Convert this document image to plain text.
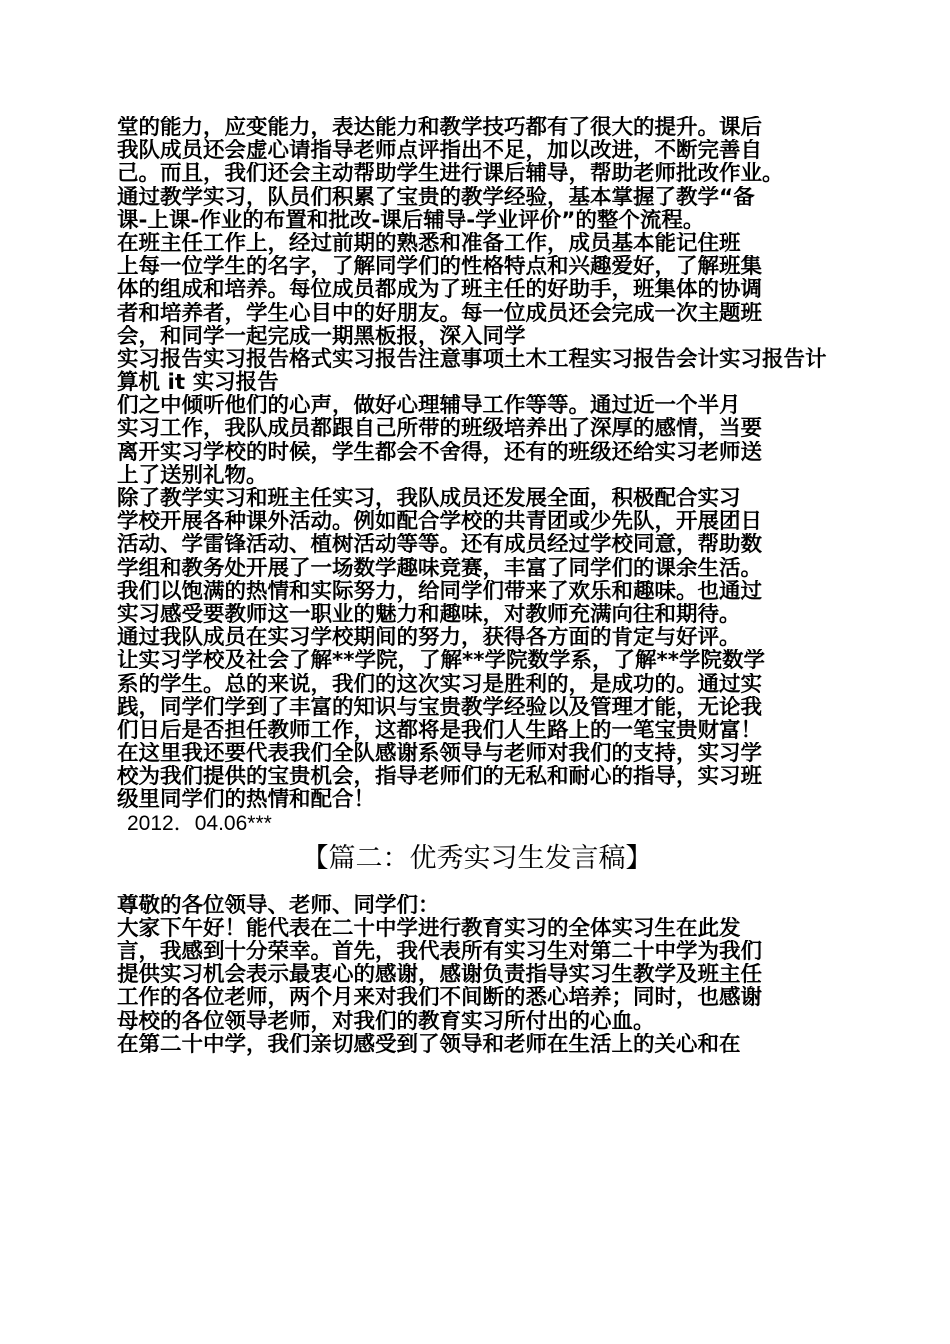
堂的能力，应变能力，表达能力和教学技巧都有了很大的提升。课后
我队成员还会虚心请指导老师点评指出不足，加以改进，不断完善自
己。而且，我们还会主动帮助学生进行课后辅导，帮助老师批改作业。
通过教学实习，队员们积累了宝贵的教学经验，基本掌握了教学“备
课-上课-作业的布置和批改-课后辅导-学业评价”的整个流程。
在班主任工作上，经过前期的熟悉和准备工作，成员基本能记住班
上每一位学生的名字，了解同学们的性格特点和兴趣爱好，了解班集
体的组成和培养。每位成员都成为了班主任的好助手，班集体的协调
者和培养者，学生心目中的好朋友。每一位成员还会完成一次主题班
会，和同学一起完成一期黑板报，深入同学
实习报告实习报告格式实习报告注意事项土木工程实习报告会计实习报告计算机 it 实习报告
们之中倾听他们的心声，做好心理辅导工作等等。通过近一个半月
实习工作，我队成员都跟自己所带的班级培养出了深厚的感情，当要
离开实习学校的时候，学生都会不舍得，还有的班级还给实习老师送
上了送别礼物。
除了教学实习和班主任实习，我队成员还发展全面，积极配合实习
学校开展各种课外活动。例如配合学校的共青团或少先队，开展团日
活动、学雷锋活动、植树活动等等。还有成员经过学校同意，帮助数
学组和教务处开展了一场数学趣味竞赛，丰富了同学们的课余生活。
我们以饱满的热情和实际努力，给同学们带来了欢乐和趣味。也通过
实习感受要教师这一职业的魅力和趣味，对教师充满向往和期待。
通过我队成员在实习学校期间的努力，获得各方面的肯定与好评。
让实习学校及社会了解**学院，了解**学院数学系，了解**学院数学
系的学生。总的来说，我们的这次实习是胜利的，是成功的。通过实
践，同学们学到了丰富的知识与宝贵教学经验以及管理才能，无论我
们日后是否担任教师工作，这都将是我们人生路上的一笔宝贵财富！
在这里我还要代表我们全队感谢系领导与老师对我们的支持，实习学
校为我们提供的宝贵机会，指导老师们的无私和耐心的指导，实习班
级里同学们的热情和配合！
2012．04.06***
【篇二：优秀实习生发言稿】
尊敬的各位领导、老师、同学们：
大家下午好！能代表在二十中学进行教育实习的全体实习生在此发
言，我感到十分荣幸。首先，我代表所有实习生对第二十中学为我们
提供实习机会表示最衷心的感谢，感谢负责指导实习生教学及班主任
工作的各位老师，两个月来对我们不间断的悉心培养；同时，也感谢
母校的各位领导老师，对我们的教育实习所付出的心血。
在第二十中学，我们亲切感受到了领导和老师在生活上的关心和在
